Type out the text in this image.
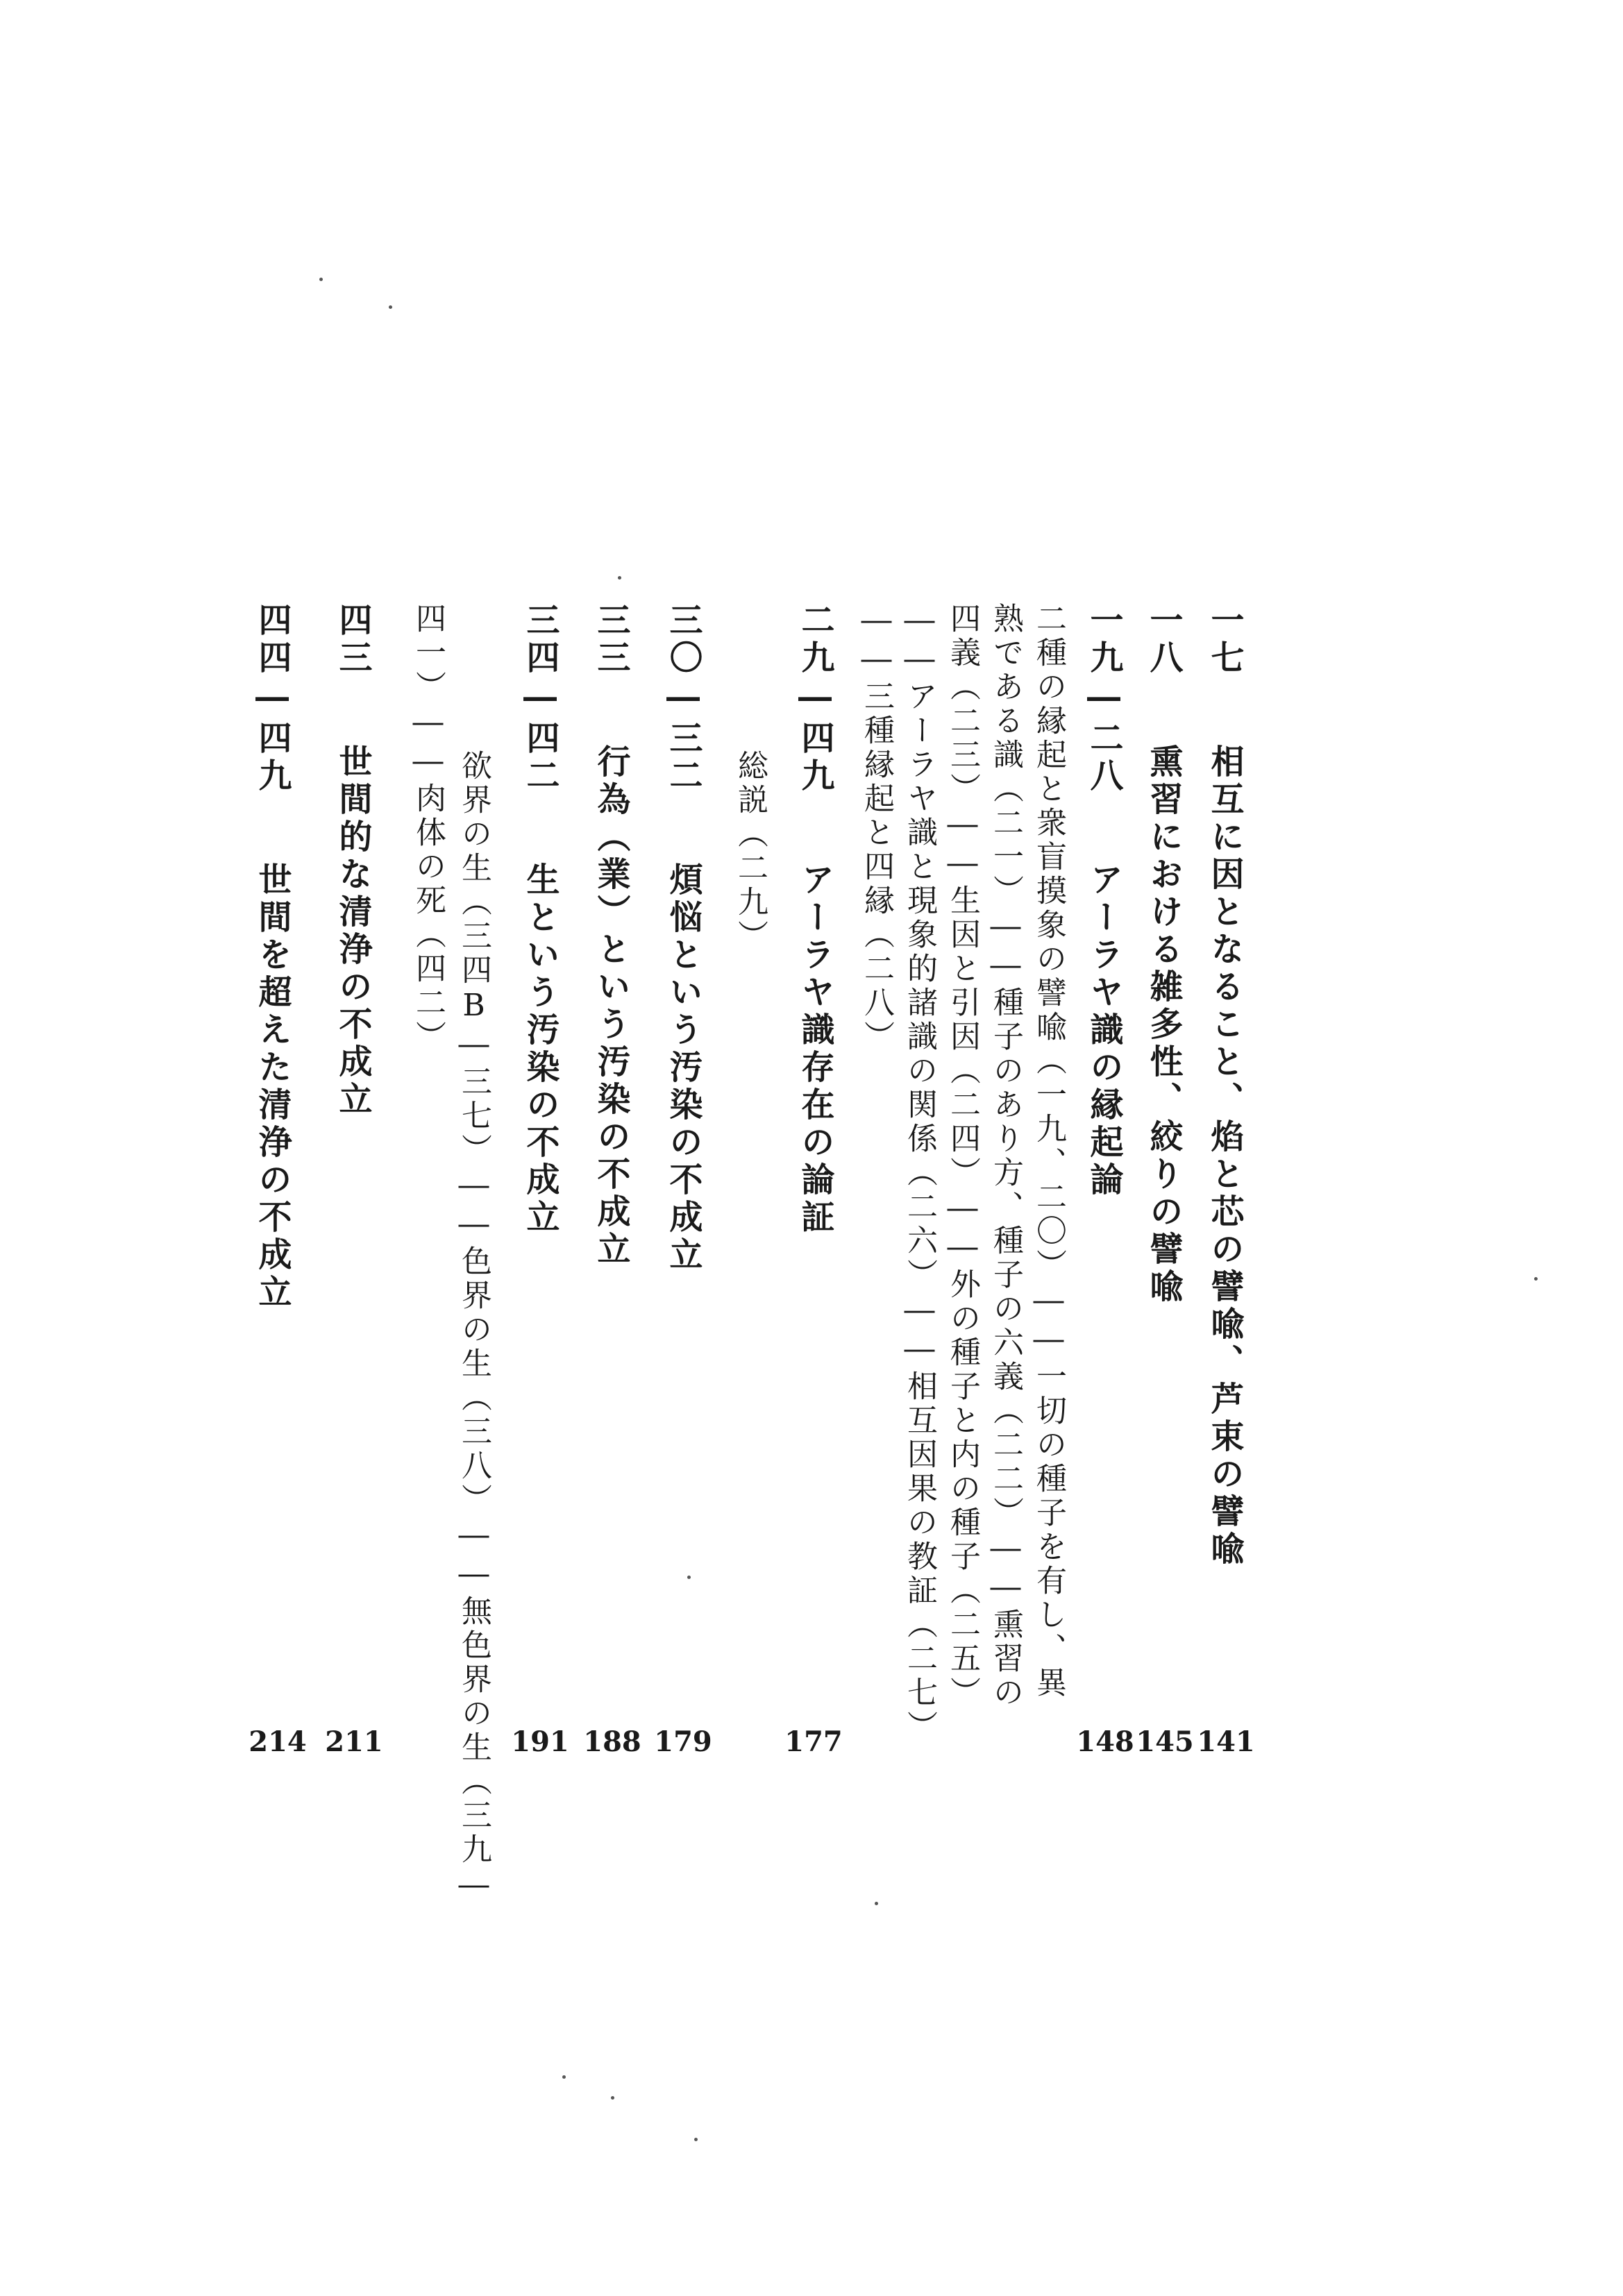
一七 相互に因となること、焰と芯の譬喩、芦束の譬喩
141
一八 熏習における雑多性、絞りの譬喩
145
一九―二八 アーラヤ識の縁起論
148
二種の縁起と衆盲摸象の譬喩（一九、二〇）――一切の種子を有し、異
熟である識（二一）――種子のあり方、種子の六義（二二）――熏習の
四義（二三）――生因と引因（二四）――外の種子と内の種子（二五）
――アーラヤ識と現象的諸識の関係（二六）――相互因果の教証（二七）
――三種縁起と四縁（二八）
二九―四九 アーラヤ識存在の論証
177
総説（二九）
三〇―三二 煩悩という汚染の不成立
179
三三 行為（業）という汚染の不成立
188
三四―四二 生という汚染の不成立
191
欲界の生（三四B―三七）――色界の生（三八）――無色界の生（三九―
四一）――肉体の死（四二）
四三 世間的な清浄の不成立
211
四四―四九 世間を超えた清浄の不成立
214
